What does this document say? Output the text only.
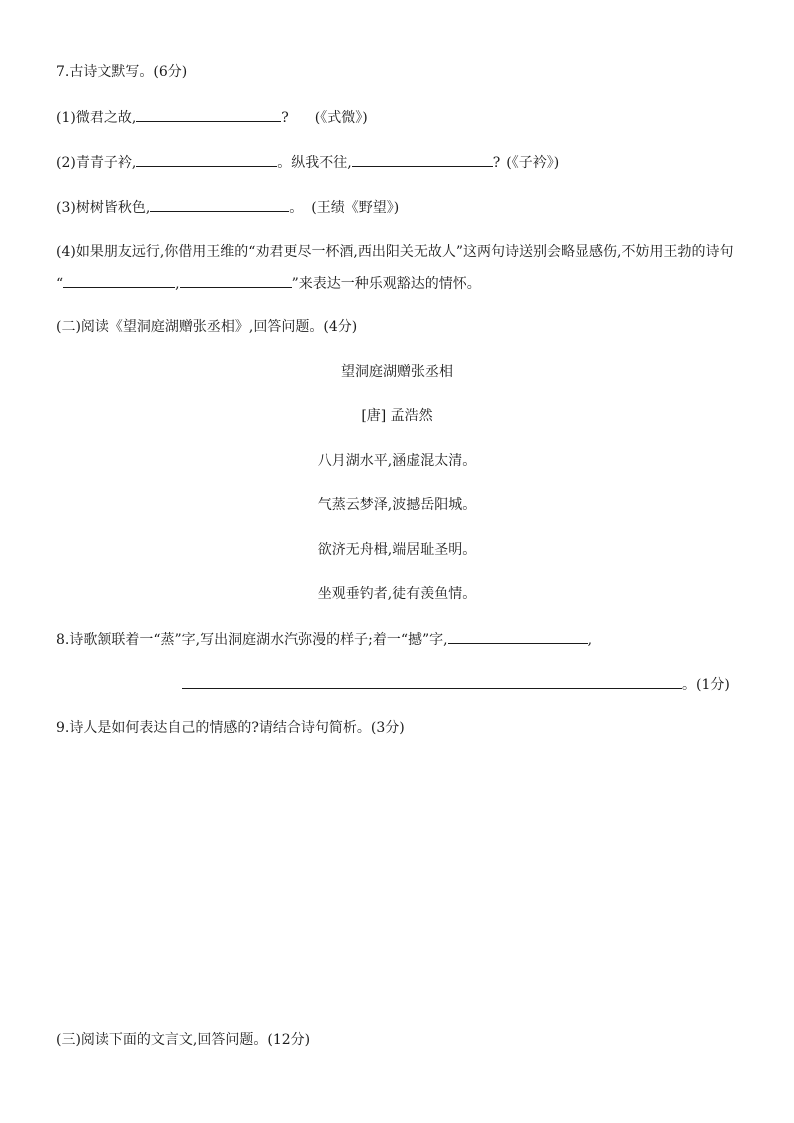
7.古诗文默写。(6分)
(1)微君之故,	? (《式微》)
(2)青青子衿,	。纵我不往,	? (《子衿》)
(3)树树皆秋色,	。 (王绩《野望》)
(4)如果朋友远行,你借用王维的“劝君更尽一杯酒,西出阳关无故人”这两句诗送别会略显感伤,不妨用王勃的诗句
“	,	”来表达一种乐观豁达的情怀。
(二)阅读《望洞庭湖赠张丞相》,回答问题。(4分)
望洞庭湖赠张丞相
[唐] 孟浩然
八月湖水平,涵虚混太清。
气蒸云梦泽,波撼岳阳城。
欲济无舟楫,端居耻圣明。
坐观垂钓者,徒有羡鱼情。
8.诗歌颔联着一“蒸”字,写出洞庭湖水汽弥漫的样子;着一“撼”字,	,
。(1分)
9.诗人是如何表达自己的情感的?请结合诗句简析。(3分)
(三)阅读下面的文言文,回答问题。(12分)
